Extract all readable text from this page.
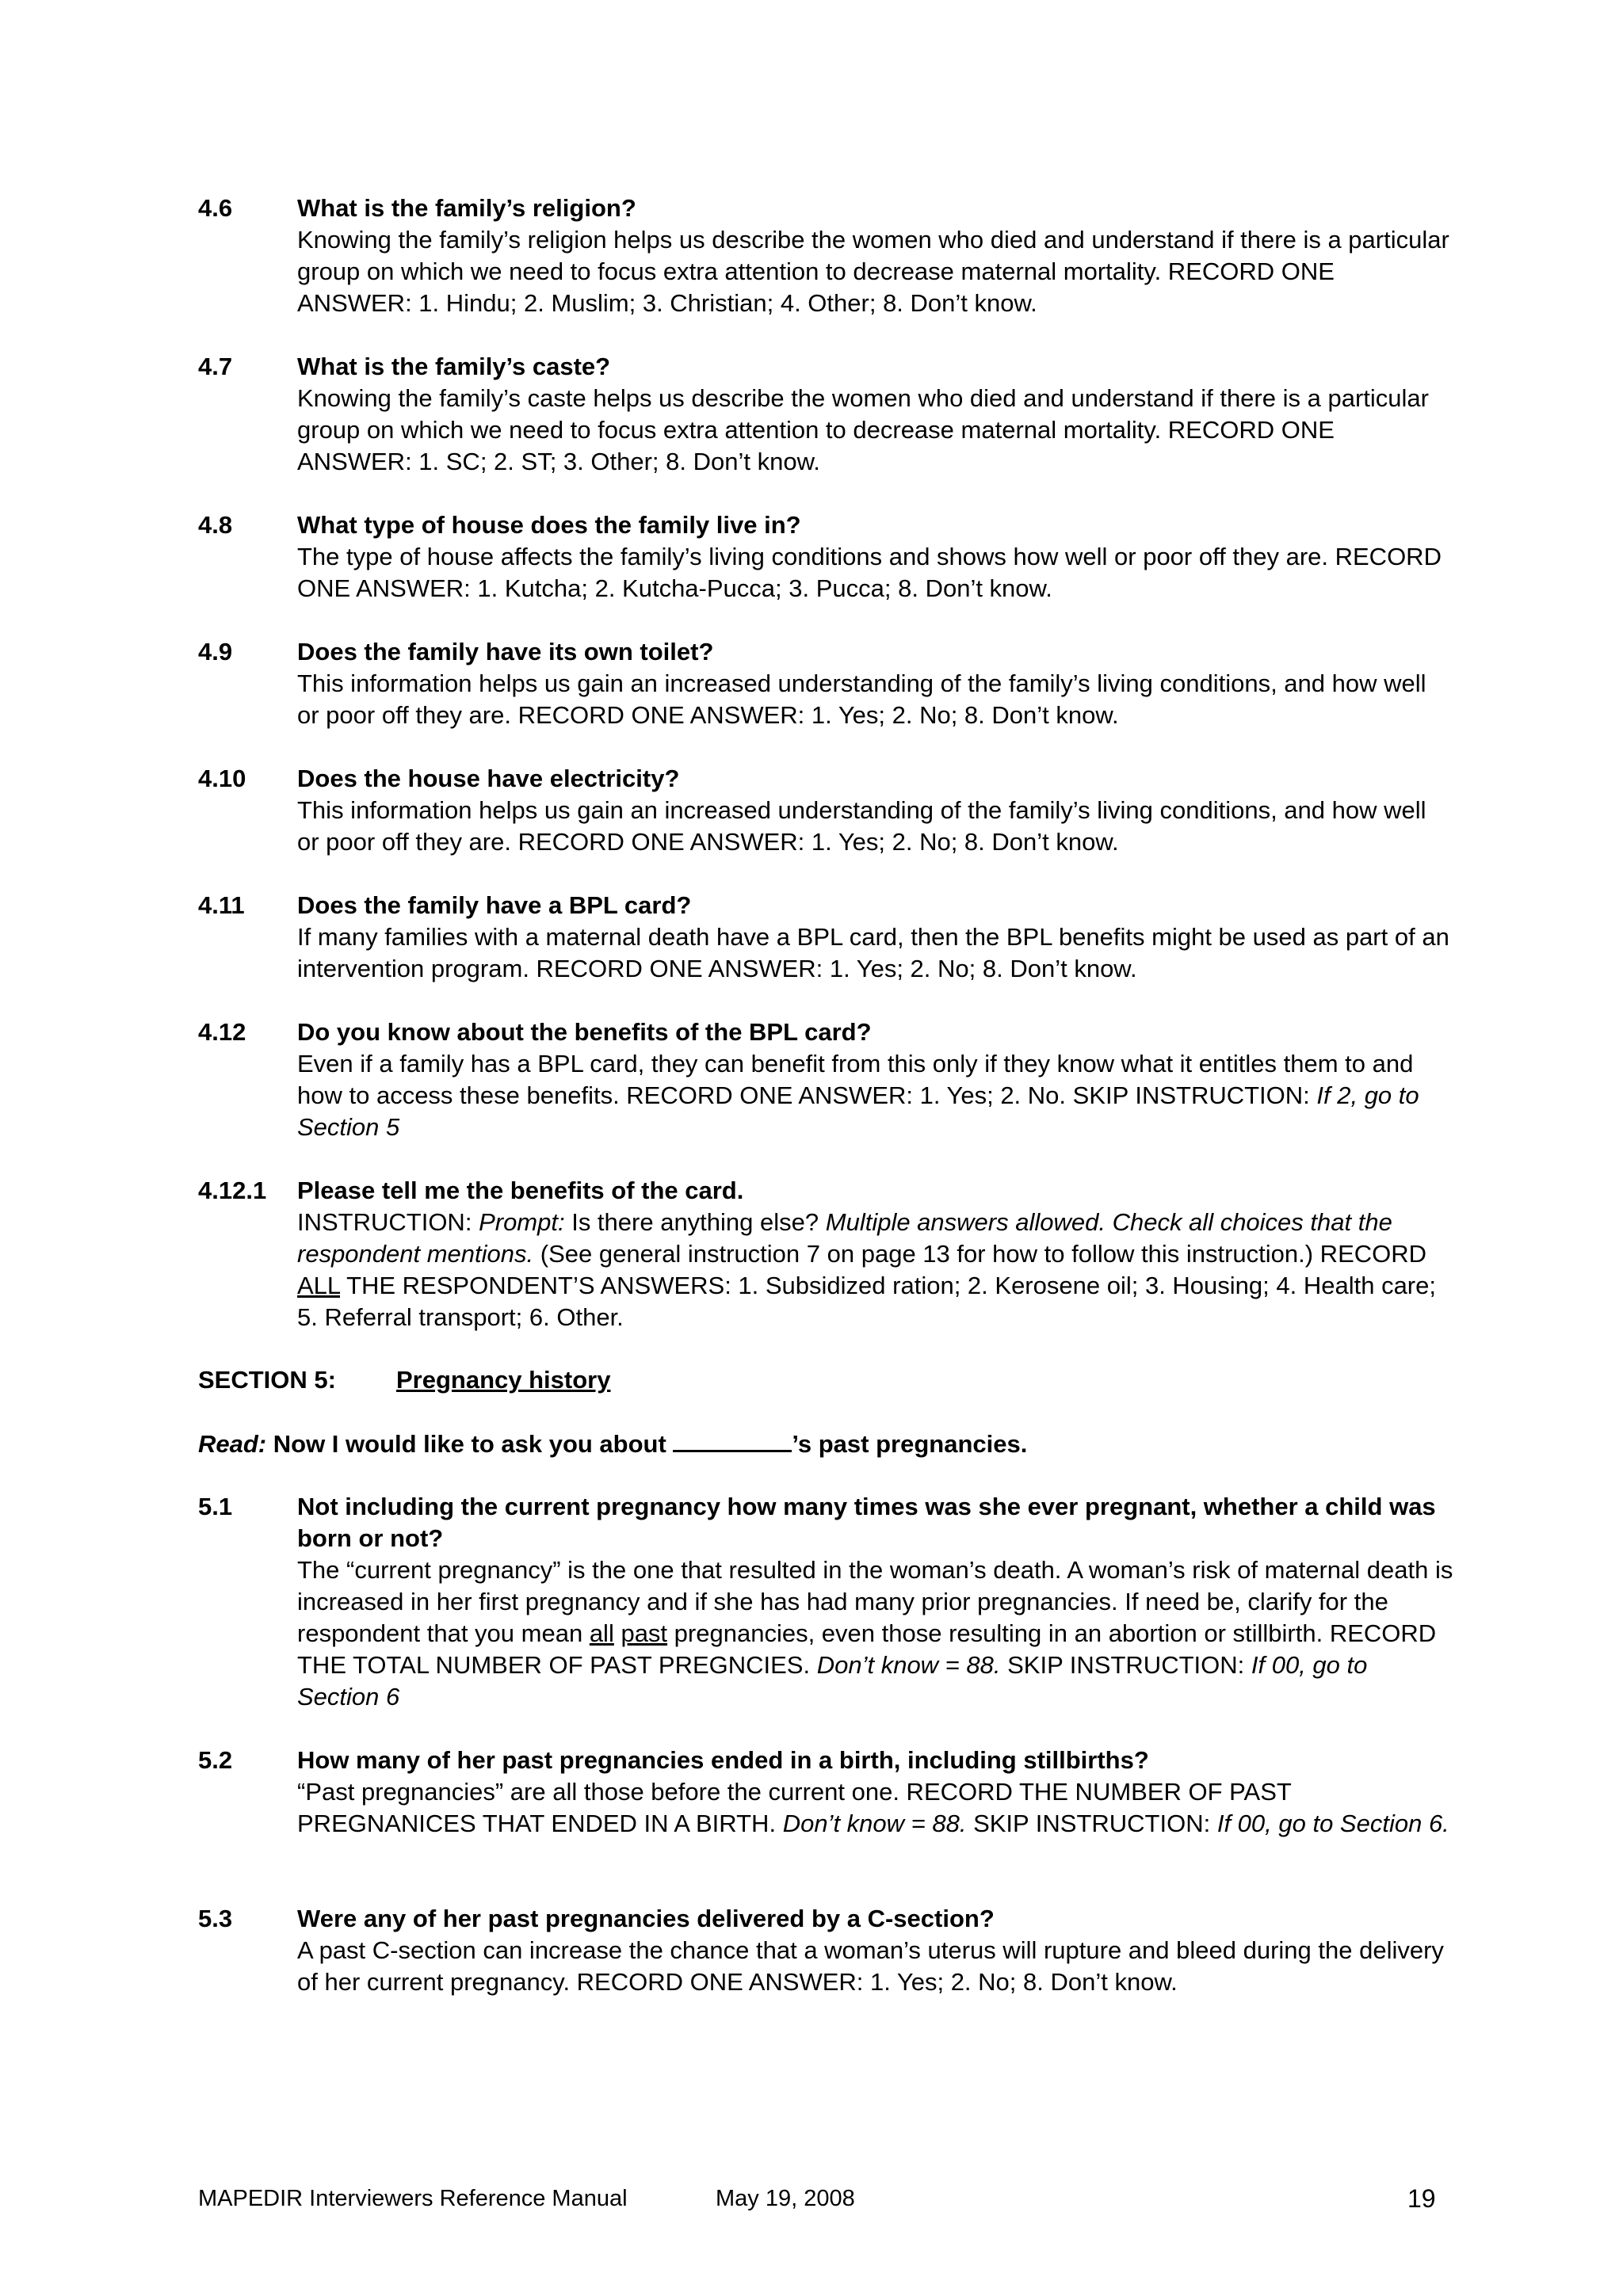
4.6	What is the family’s religion?
Knowing the family’s religion helps us describe the women who died and understand if there is a particular group on which we need to focus extra attention to decrease maternal mortality. RECORD ONE ANSWER: 1. Hindu; 2. Muslim; 3. Christian; 4. Other; 8. Don’t know.
4.7	What is the family’s caste?
Knowing the family’s caste helps us describe the women who died and understand if there is a particular group on which we need to focus extra attention to decrease maternal mortality. RECORD ONE ANSWER: 1. SC; 2. ST; 3. Other; 8. Don’t know.
4.8	What type of house does the family live in?
The type of house affects the family’s living conditions and shows how well or poor off they are. RECORD ONE ANSWER: 1. Kutcha; 2. Kutcha-Pucca; 3. Pucca; 8. Don’t know.
4.9	Does the family have its own toilet?
This information helps us gain an increased understanding of the family’s living conditions, and how well or poor off they are. RECORD ONE ANSWER: 1. Yes; 2. No; 8. Don’t know.
4.10 Does the house have electricity?
This information helps us gain an increased understanding of the family’s living conditions, and how well or poor off they are. RECORD ONE ANSWER: 1. Yes; 2. No; 8. Don’t know.
4.11 Does the family have a BPL card?
If many families with a maternal death have a BPL card, then the BPL benefits might be used as part of an intervention program. RECORD ONE ANSWER: 1. Yes; 2. No; 8. Don’t know.
4.12 Do you know about the benefits of the BPL card?
Even if a family has a BPL card, they can benefit from this only if they know what it entitles them to and how to access these benefits. RECORD ONE ANSWER: 1. Yes; 2. No. SKIP INSTRUCTION: If 2, go to Section 5
4.12.1 Please tell me the benefits of the card.
INSTRUCTION: Prompt: Is there anything else? Multiple answers allowed. Check all choices that the respondent mentions. (See general instruction 7 on page 13 for how to follow this instruction.) RECORD ALL THE RESPONDENT’S ANSWERS: 1. Subsidized ration; 2. Kerosene oil; 3. Housing; 4. Health care; 5. Referral transport; 6. Other.
SECTION 5: Pregnancy history
Read: Now I would like to ask you about	’s past pregnancies.
5.1	Not including the current pregnancy how many times was she ever pregnant, whether a child was born or not?
The “current pregnancy” is the one that resulted in the woman’s death. A woman’s risk of maternal death is increased in her first pregnancy and if she has had many prior pregnancies. If need be, clarify for the respondent that you mean all past pregnancies, even those resulting in an abortion or stillbirth. RECORD THE TOTAL NUMBER OF PAST PREGNCIES. Don’t know = 88. SKIP INSTRUCTION: If 00, go to Section 6
5.2	How many of her past pregnancies ended in a birth, including stillbirths?
“Past pregnancies” are all those before the current one. RECORD THE NUMBER OF PAST PREGNANICES THAT ENDED IN A BIRTH. Don’t know = 88. SKIP INSTRUCTION: If 00, go to Section 6.
5.3	Were any of her past pregnancies delivered by a C-section?
A past C-section can increase the chance that a woman’s uterus will rupture and bleed during the delivery of her current pregnancy. RECORD ONE ANSWER: 1. Yes; 2. No; 8. Don’t know.
MAPEDIR Interviewers Reference Manual	May 19, 2008	19
